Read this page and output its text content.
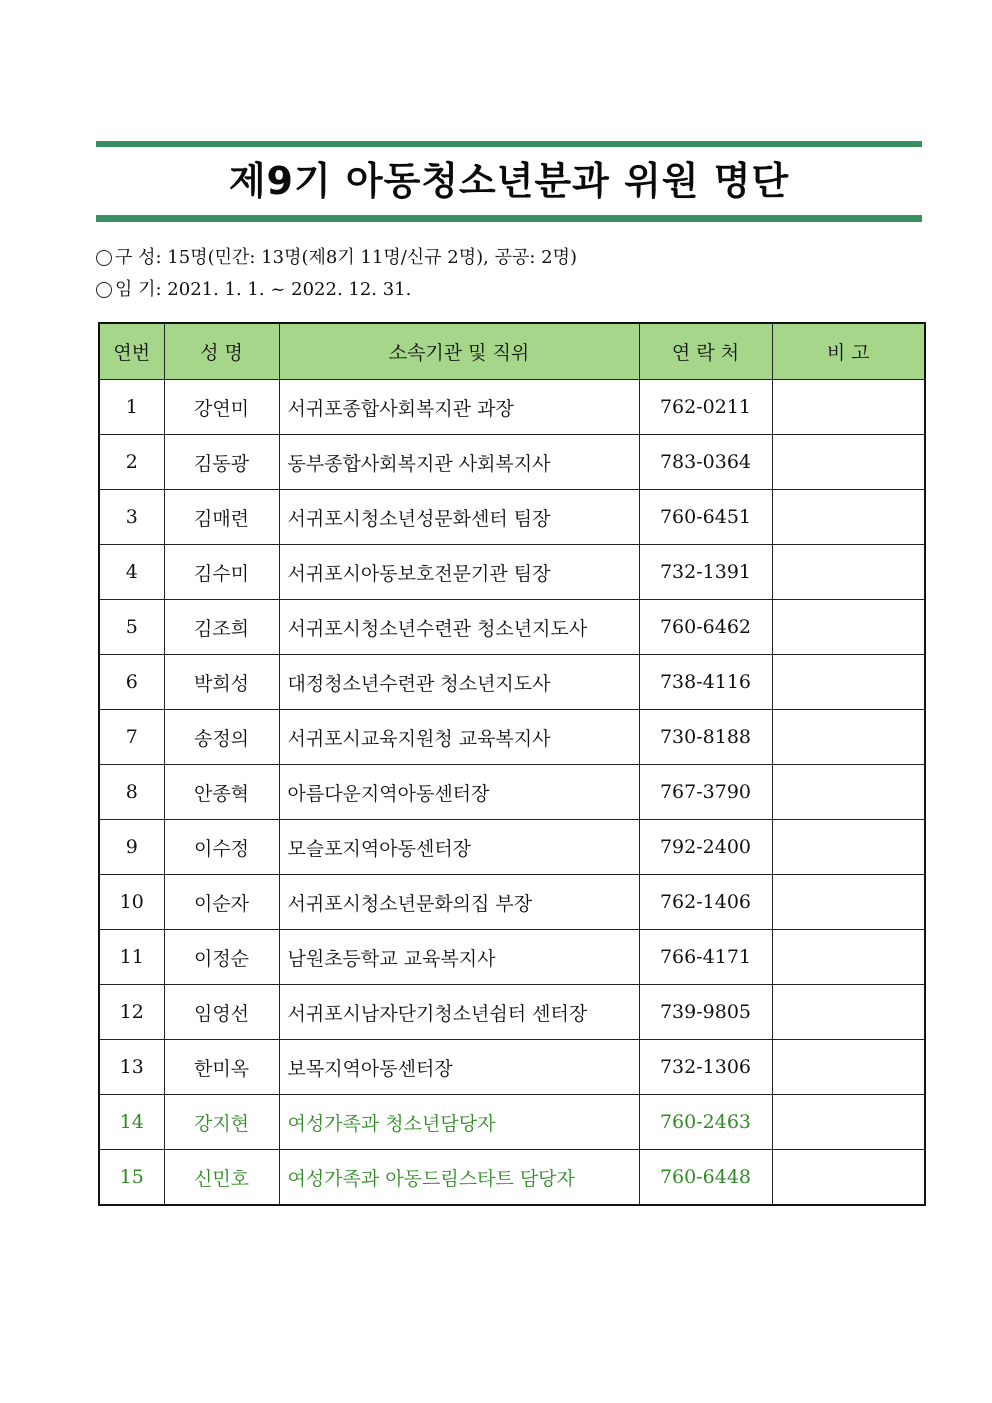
제9기 아동청소년분과 위원 명단
구 성: 15명(민간: 13명(제8기 11명/신규 2명), 공공: 2명)
임 기: 2021. 1. 1. ~ 2022. 12. 31.
연번	성 명	소속기관 및 직위	연 락 처	비 고
1	강연미	서귀포종합사회복지관 과장	762-0211	
2	김동광	동부종합사회복지관 사회복지사	783-0364	
3	김매련	서귀포시청소년성문화센터 팀장	760-6451	
4	김수미	서귀포시아동보호전문기관 팀장	732-1391	
5	김조희	서귀포시청소년수련관 청소년지도사	760-6462	
6	박희성	대정청소년수련관 청소년지도사	738-4116	
7	송정의	서귀포시교육지원청 교육복지사	730-8188	
8	안종혁	아름다운지역아동센터장	767-3790	
9	이수정	모슬포지역아동센터장	792-2400	
10	이순자	서귀포시청소년문화의집 부장	762-1406	
11	이정순	남원초등학교 교육복지사	766-4171	
12	임영선	서귀포시남자단기청소년쉼터 센터장	739-9805	
13	한미옥	보목지역아동센터장	732-1306	
14	강지현	여성가족과 청소년담당자	760-2463	
15	신민호	여성가족과 아동드림스타트 담당자	760-6448	
